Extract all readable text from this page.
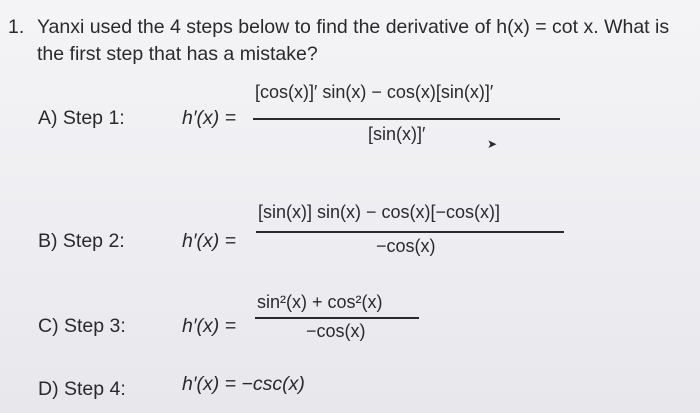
1. Yanxi used the 4 steps below to find the derivative of h(x) = cot x. What is
the first step that has a mistake?
A) Step 1:	h′(x) =
[cos(x)]′ sin(x) − cos(x)[sin(x)]′
[sin(x)]′	➤
B) Step 2:	h′(x) =
[sin(x)] sin(x) − cos(x)[−cos(x)]
−cos(x)
C) Step 3:	h′(x) =
sin²(x) + cos²(x)
−cos(x)
D) Step 4:	h′(x) = −csc(x)
